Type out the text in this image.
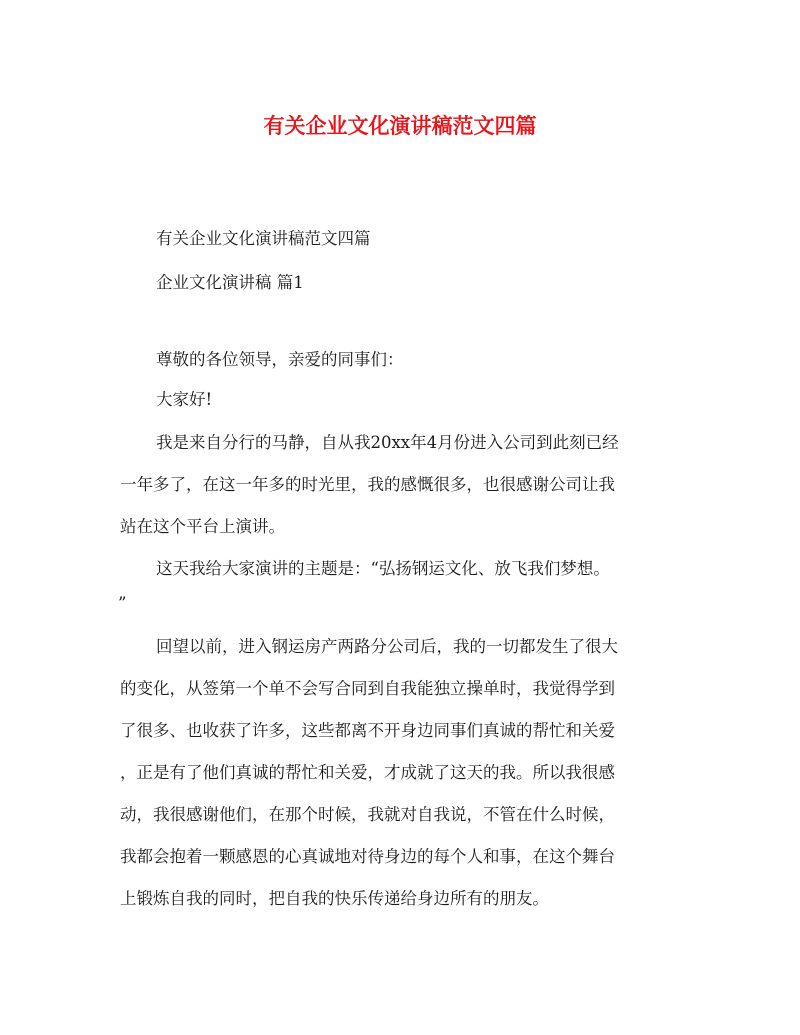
有关企业文化演讲稿范文四篇
有关企业文化演讲稿范文四篇
企业文化演讲稿 篇1
尊敬的各位领导，亲爱的同事们：
大家好!
我是来自分行的马静，自从我20xx年4月份进入公司到此刻已经
一年多了，在这一年多的时光里，我的感慨很多，也很感谢公司让我
站在这个平台上演讲。
这天我给大家演讲的主题是：“弘扬钢运文化、放飞我们梦想。
”
回望以前，进入钢运房产两路分公司后，我的一切都发生了很大
的变化，从签第一个单不会写合同到自我能独立操单时，我觉得学到
了很多、也收获了许多，这些都离不开身边同事们真诚的帮忙和关爱
，正是有了他们真诚的帮忙和关爱，才成就了这天的我。所以我很感
动，我很感谢他们，在那个时候，我就对自我说，不管在什么时候，
我都会抱着一颗感恩的心真诚地对待身边的每个人和事，在这个舞台
上锻炼自我的同时，把自我的快乐传递给身边所有的朋友。
